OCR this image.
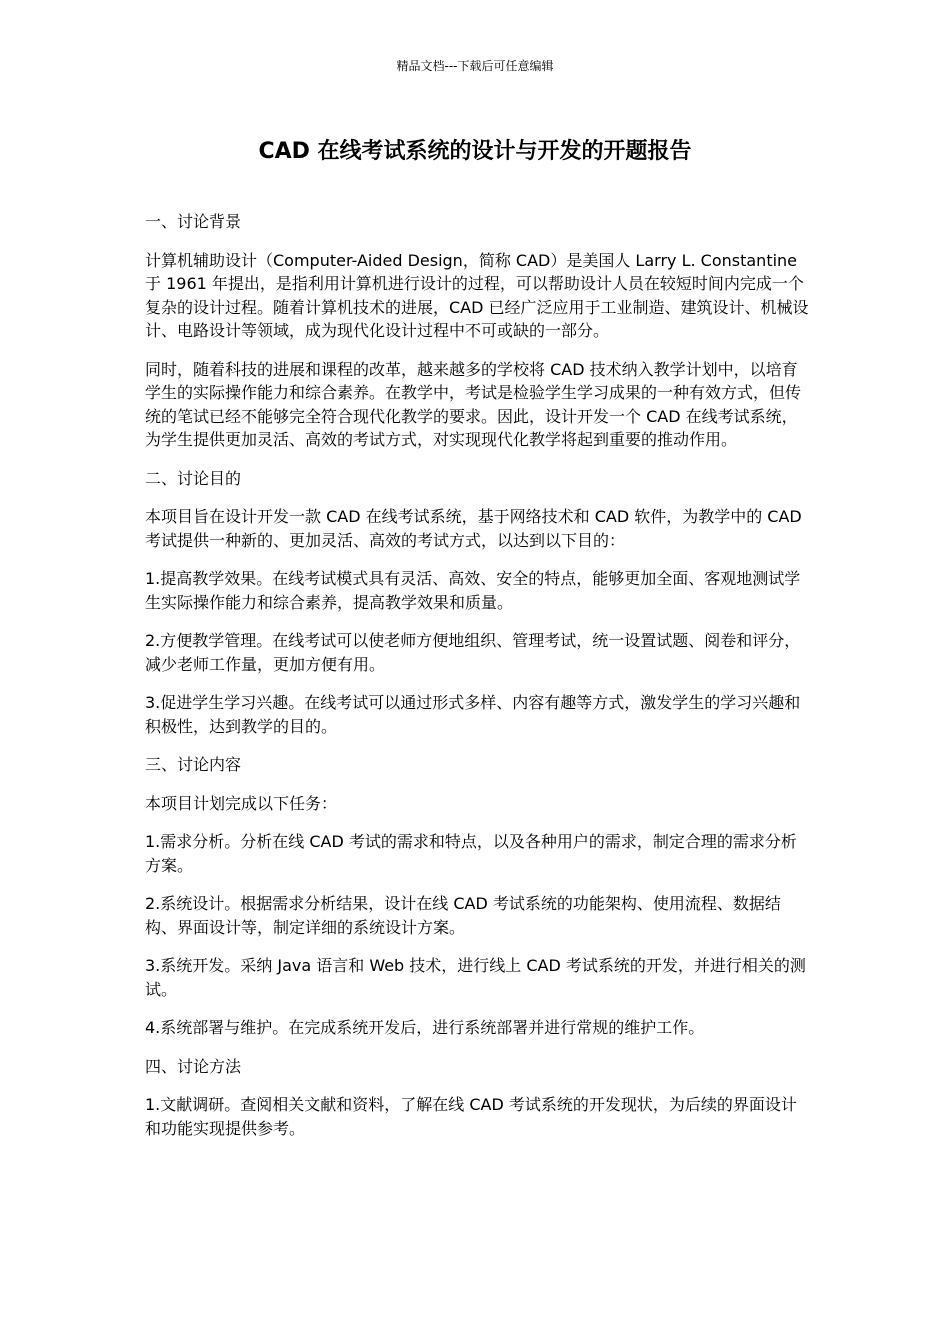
精品文档---下载后可任意编辑
CAD 在线考试系统的设计与开发的开题报告

一、讨论背景

计算机辅助设计（Computer-Aided Design，简称 CAD）是美国人 Larry L. Constantine 于 1961 年提出，是指利用计算机进行设计的过程，可以帮助设计人员在较短时间内完成一个复杂的设计过程。随着计算机技术的进展，CAD 已经广泛应用于工业制造、建筑设计、机械设计、电路设计等领域，成为现代化设计过程中不可或缺的一部分。

同时，随着科技的进展和课程的改革，越来越多的学校将 CAD 技术纳入教学计划中，以培育学生的实际操作能力和综合素养。在教学中，考试是检验学生学习成果的一种有效方式，但传统的笔试已经不能够完全符合现代化教学的要求。因此，设计开发一个 CAD 在线考试系统，为学生提供更加灵活、高效的考试方式，对实现现代化教学将起到重要的推动作用。

二、讨论目的

本项目旨在设计开发一款 CAD 在线考试系统，基于网络技术和 CAD 软件，为教学中的 CAD 考试提供一种新的、更加灵活、高效的考试方式，以达到以下目的：

1.提高教学效果。在线考试模式具有灵活、高效、安全的特点，能够更加全面、客观地测试学生实际操作能力和综合素养，提高教学效果和质量。

2.方便教学管理。在线考试可以使老师方便地组织、管理考试，统一设置试题、阅卷和评分，减少老师工作量，更加方便有用。

3.促进学生学习兴趣。在线考试可以通过形式多样、内容有趣等方式，激发学生的学习兴趣和积极性，达到教学的目的。

三、讨论内容

本项目计划完成以下任务：

1.需求分析。分析在线 CAD 考试的需求和特点，以及各种用户的需求，制定合理的需求分析方案。

2.系统设计。根据需求分析结果，设计在线 CAD 考试系统的功能架构、使用流程、数据结构、界面设计等，制定详细的系统设计方案。

3.系统开发。采纳 Java 语言和 Web 技术，进行线上 CAD 考试系统的开发，并进行相关的测试。

4.系统部署与维护。在完成系统开发后，进行系统部署并进行常规的维护工作。

四、讨论方法

1.文献调研。查阅相关文献和资料，了解在线 CAD 考试系统的开发现状，为后续的界面设计和功能实现提供参考。
